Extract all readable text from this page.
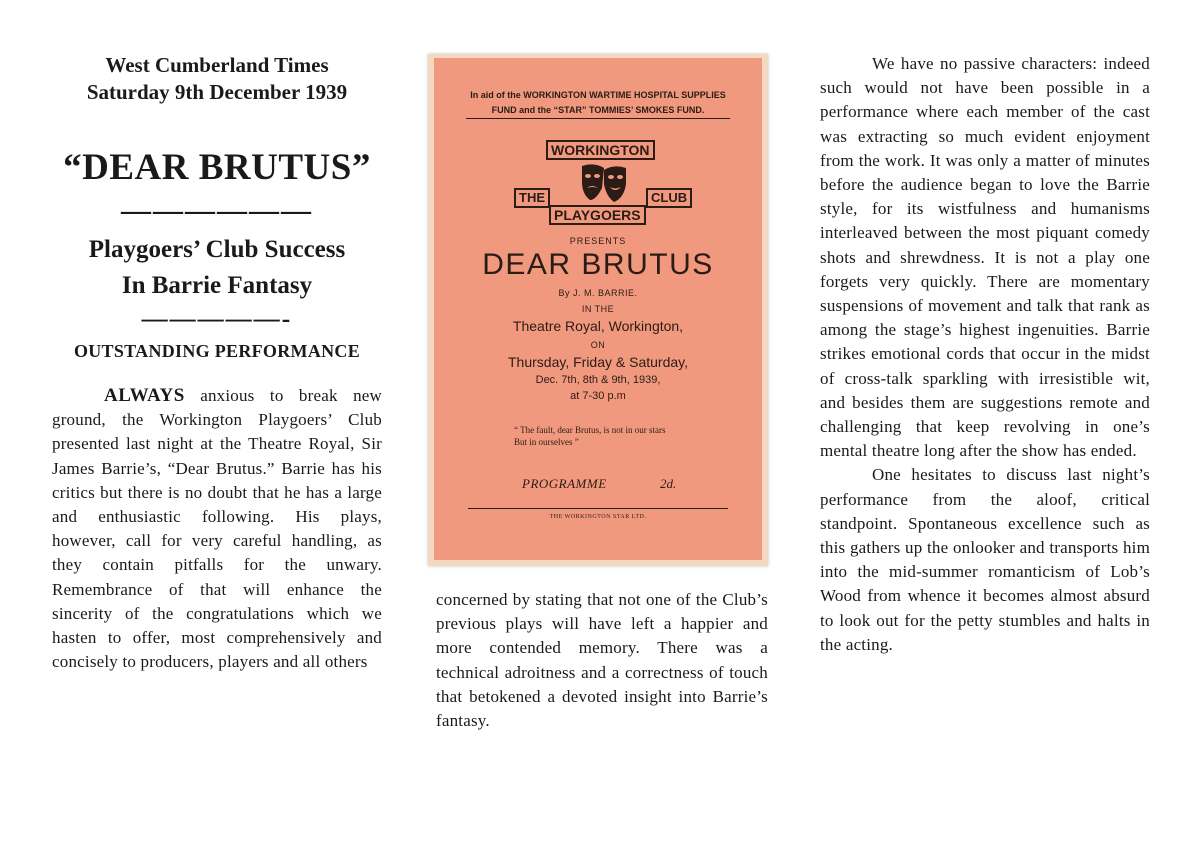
West Cumberland Times
Saturday 9th December 1939
“DEAR BRUTUS”
——————
Playgoers’ Club Success
In Barrie Fantasy
—————-
OUTSTANDING PERFORMANCE

ALWAYS anxious to break new ground, the Workington Playgoers’ Club presented last night at the Theatre Royal, Sir James Barrie’s, “Dear Brutus.” Barrie has his critics but there is no doubt that he has a large and enthusiastic following. His plays, however, call for very careful handling, as they contain pitfalls for the unwary. Remembrance of that will enhance the sincerity of the congratulations which we hasten to offer, most comprehensively and concisely to producers, players and all others

In aid of the WORKINGTON WARTIME HOSPITAL SUPPLIES
FUND and the “STAR” TOMMIES’ SMOKES FUND.
WORKINGTON
THE	CLUB
PLAYGOERS
PRESENTS
DEAR BRUTUS
By J. M. BARRIE.
IN THE
Theatre Royal, Workington,
ON
Thursday, Friday & Saturday,
Dec. 7th, 8th & 9th, 1939,
at 7-30 p.m
“ The fault, dear Brutus, is not in our stars
But in ourselves ”
PROGRAMME	2d.
THE WORKINGTON STAR LTD.

concerned by stating that not one of the Club’s previous plays will have left a happier and more contended memory. There was a technical adroitness and a correctness of touch that betokened a devoted insight into Barrie’s fantasy.

We have no passive characters: indeed such would not have been possible in a performance where each member of the cast was extracting so much evident enjoyment from the work. It was only a matter of minutes before the audience began to love the Barrie style, for its wistfulness and humanisms interleaved between the most piquant comedy shots and shrewdness. It is not a play one forgets very quickly. There are momentary suspensions of movement and talk that rank as among the stage’s highest ingenuities. Barrie strikes emotional cords that occur in the midst of cross-talk sparkling with irresistible wit, and besides them are suggestions remote and challenging that keep revolving in one’s mental theatre long after the show has ended.

One hesitates to discuss last night’s performance from the aloof, critical standpoint. Spontaneous excellence such as this gathers up the onlooker and transports him into the mid-summer romanticism of Lob’s Wood from whence it becomes almost absurd to look out for the petty stumbles and halts in the acting.
